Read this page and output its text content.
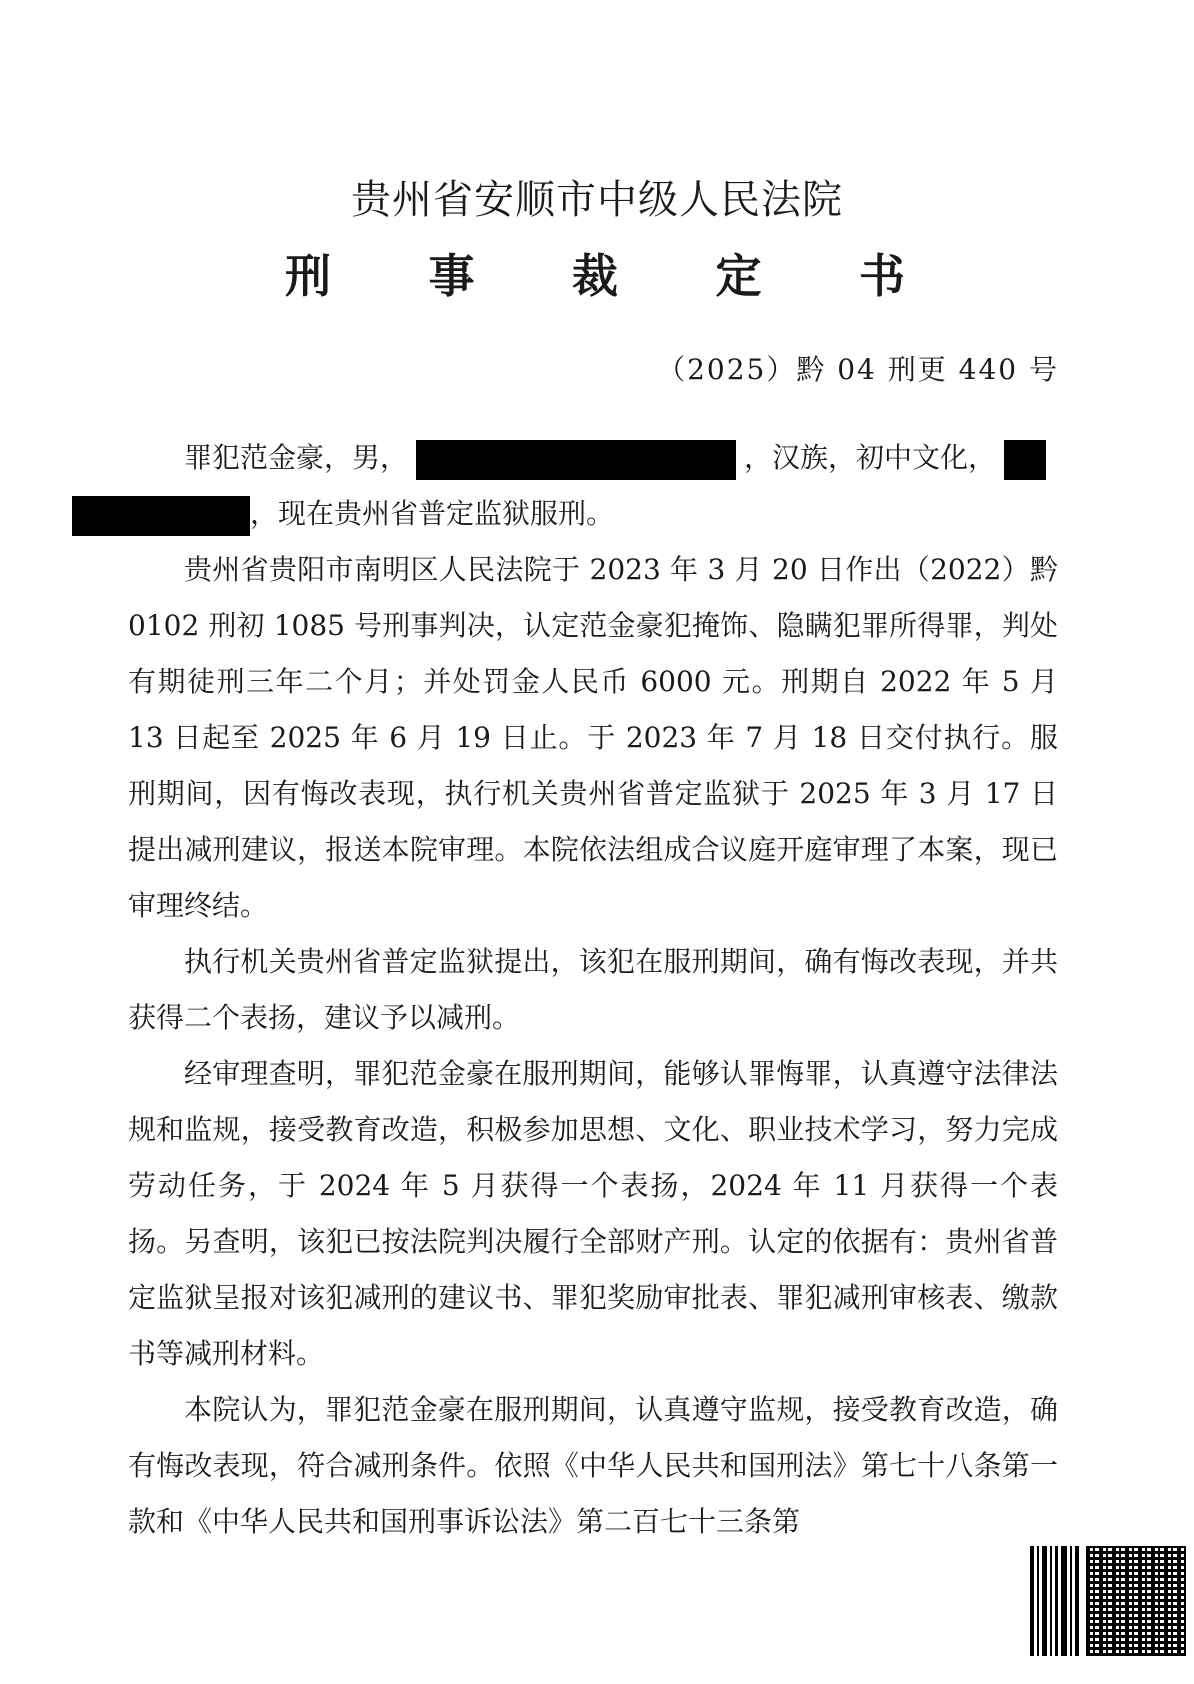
贵州省安顺市中级人民法院
刑 事 裁 定 书
（2025）黔 04 刑更 440 号

罪犯范金豪，男，	，汉族，初中文化，
，现在贵州省普定监狱服刑。

贵州省贵阳市南明区人民法院于 2023 年 3 月 20 日作出（2022）黔 0102 刑初 1085 号刑事判决，认定范金豪犯掩饰、隐瞒犯罪所得罪，判处有期徒刑三年二个月；并处罚金人民币 6000 元。刑期自 2022 年 5 月 13 日起至 2025 年 6 月 19 日止。于 2023 年 7 月 18 日交付执行。服刑期间，因有悔改表现，执行机关贵州省普定监狱于 2025 年 3 月 17 日提出减刑建议，报送本院审理。本院依法组成合议庭开庭审理了本案，现已审理终结。

执行机关贵州省普定监狱提出，该犯在服刑期间，确有悔改表现，并共获得二个表扬，建议予以减刑。

经审理查明，罪犯范金豪在服刑期间，能够认罪悔罪，认真遵守法律法规和监规，接受教育改造，积极参加思想、文化、职业技术学习，努力完成劳动任务，于 2024 年 5 月获得一个表扬，2024 年 11 月获得一个表扬。另查明，该犯已按法院判决履行全部财产刑。认定的依据有：贵州省普定监狱呈报对该犯减刑的建议书、罪犯奖励审批表、罪犯减刑审核表、缴款书等减刑材料。

本院认为，罪犯范金豪在服刑期间，认真遵守监规，接受教育改造，确有悔改表现，符合减刑条件。依照《中华人民共和国刑法》第七十八条第一款和《中华人民共和国刑事诉讼法》第二百七十三条第
